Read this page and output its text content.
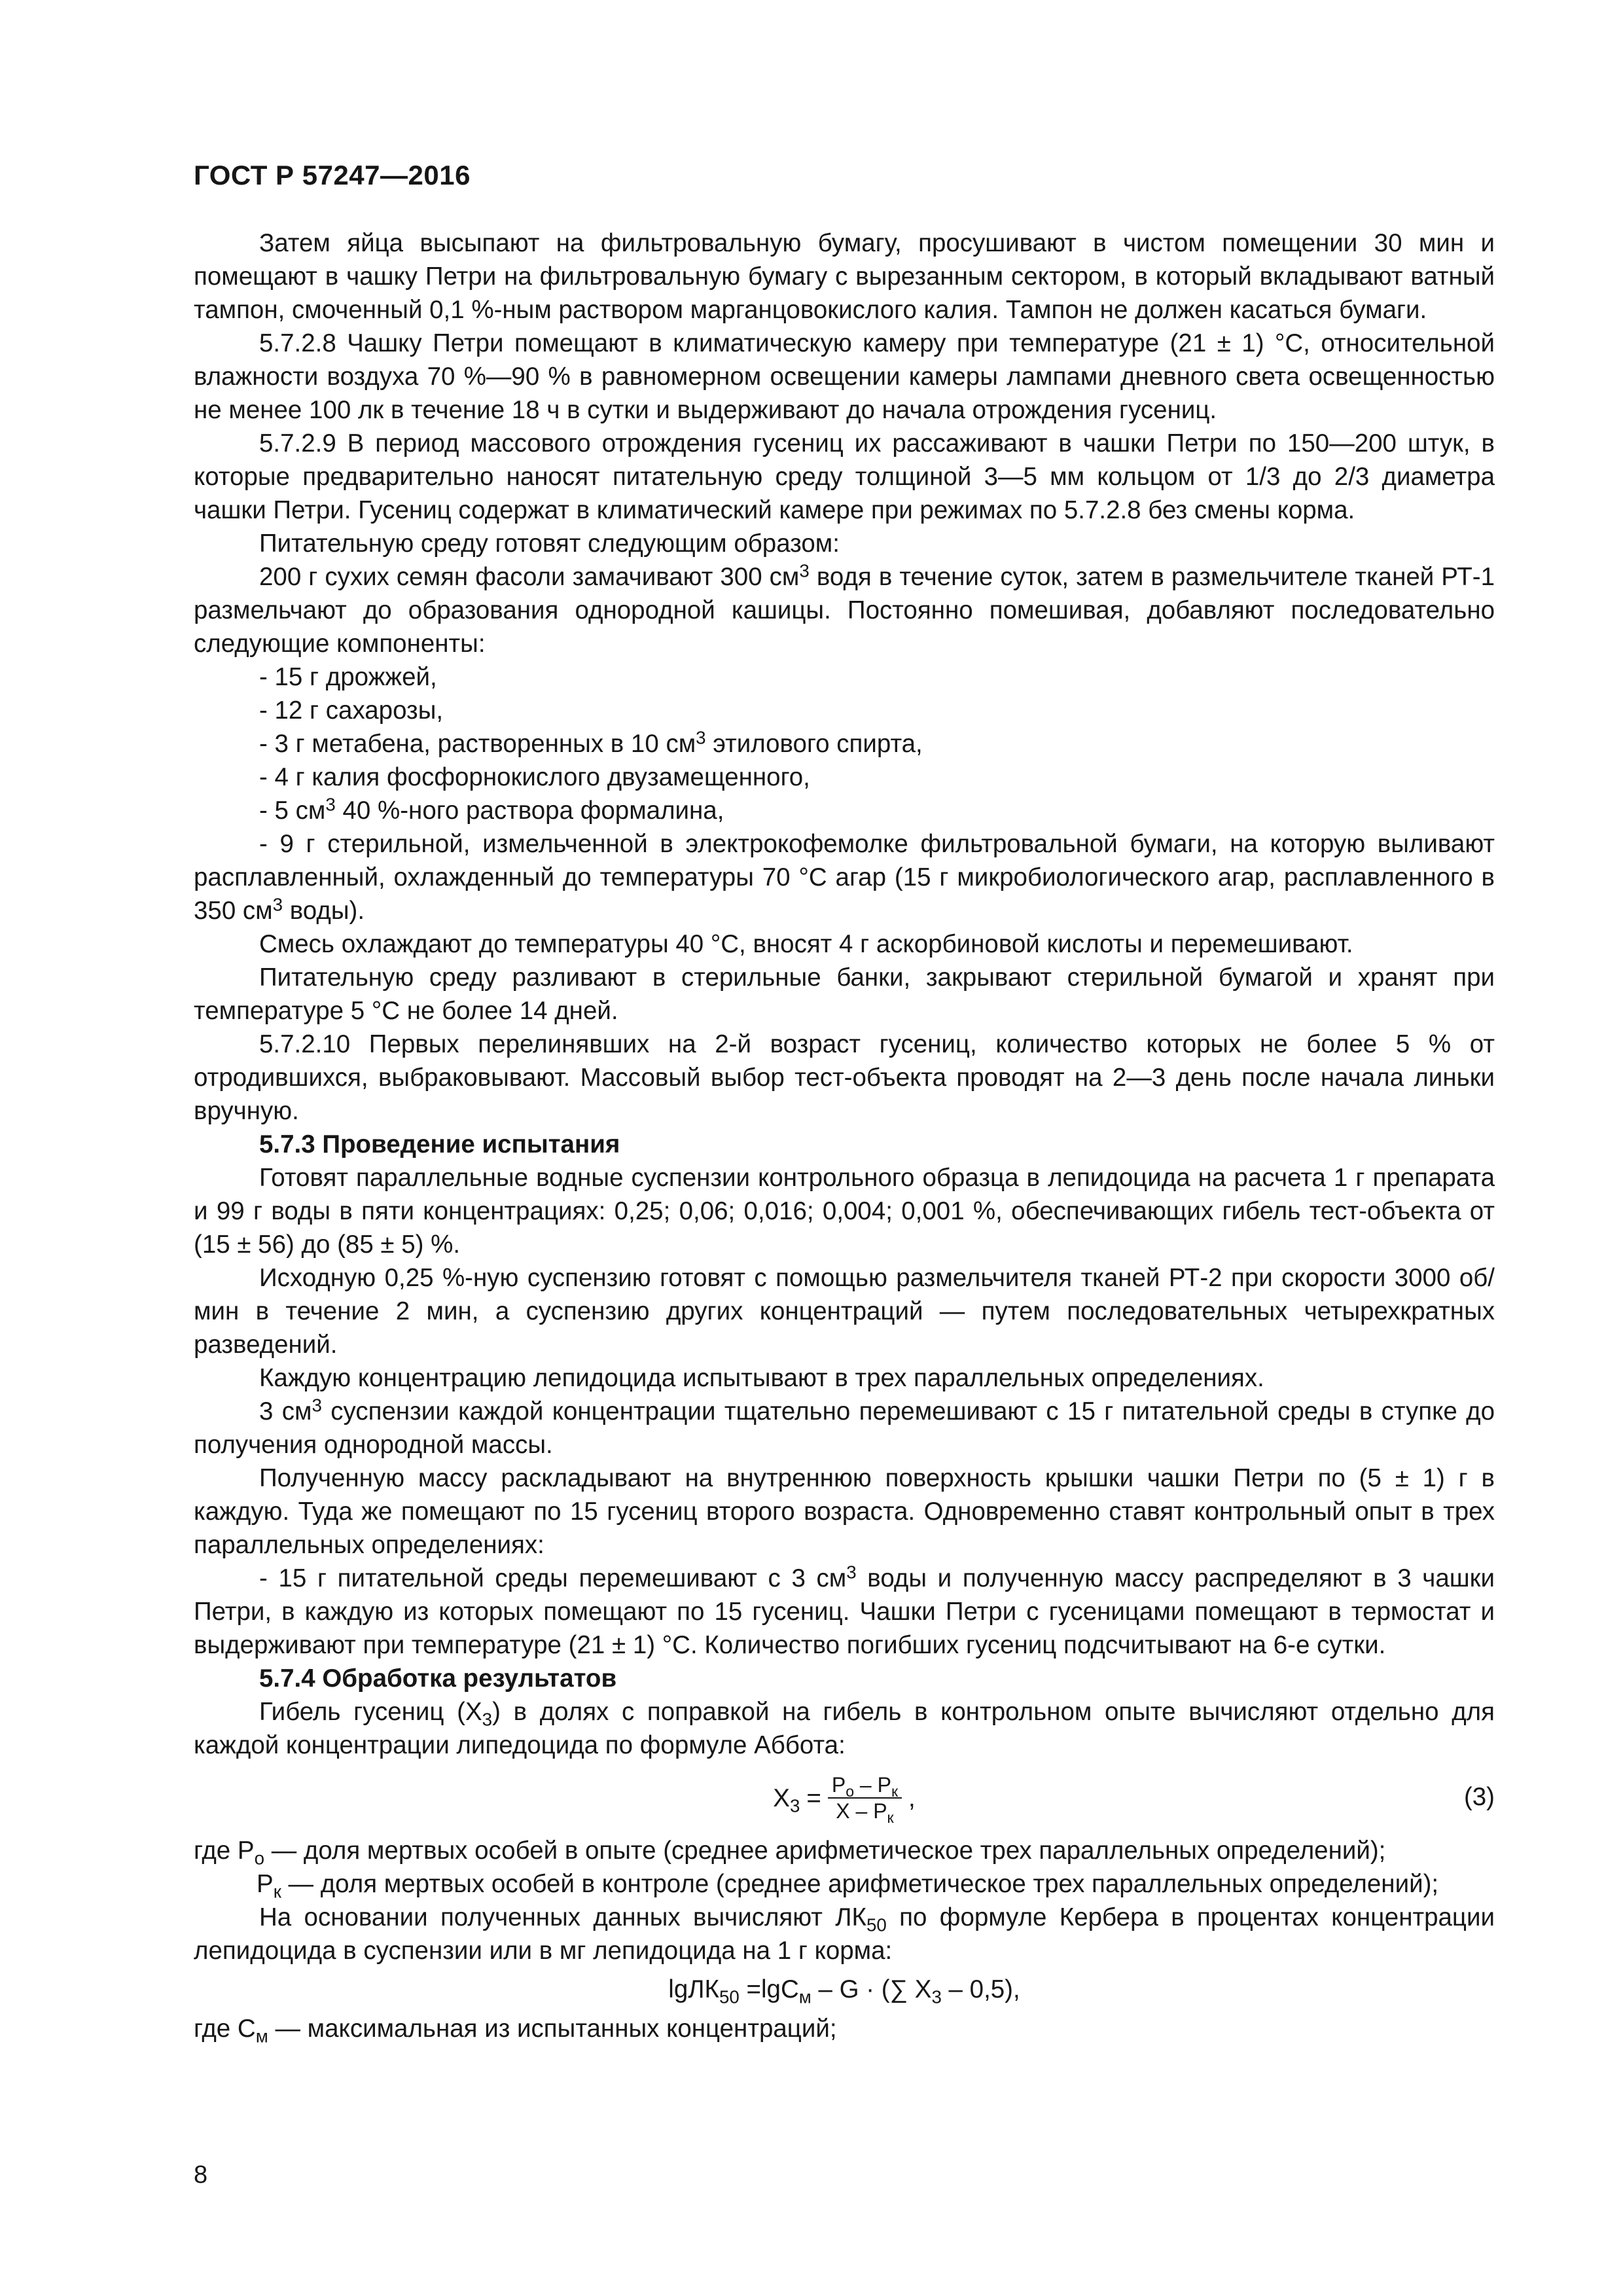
ГОСТ Р 57247—2016

Затем яйца высыпают на фильтровальную бумагу, просушивают в чистом помещении 30 мин и помещают в чашку Петри на фильтровальную бумагу с вырезанным сектором, в который вкладывают ватный тампон, смоченный 0,1 %-ным раствором марганцовокислого калия. Тампон не должен касаться бумаги.

5.7.2.8 Чашку Петри помещают в климатическую камеру при температуре (21 ± 1) °С, относительной влажности воздуха 70 %—90 % в равномерном освещении камеры лампами дневного света освещенностью не менее 100 лк в течение 18 ч в сутки и выдерживают до начала отрождения гусениц.

5.7.2.9 В период массового отрождения гусениц их рассаживают в чашки Петри по 150—200 штук, в которые предварительно наносят питательную среду толщиной 3—5 мм кольцом от 1/3 до 2/3 диаметра чашки Петри. Гусениц содержат в климатический камере при режимах по 5.7.2.8 без смены корма.

Питательную среду готовят следующим образом:

200 г сухих семян фасоли замачивают 300 $см^3$ водя в течение суток, затем в размельчителе тканей РТ-1 размельчают до образования однородной кашицы. Постоянно помешивая, добавляют последовательно следующие компоненты:

- 15 г дрожжей,

- 12 г сахарозы,

- 3 г метабена, растворенных в 10 $см^3$ этилового спирта,

- 4 г калия фосфорнокислого двузамещенного,

- 5 $см^3$ 40 %-ного раствора формалина,

- 9 г стерильной, измельченной в электрокофемолке фильтровальной бумаги, на которую выливают расплавленный, охлажденный до температуры 70 °С агар (15 г микробиологического агар, расплавленного в 350 $см^3$ воды).

Смесь охлаждают до температуры 40 °С, вносят 4 г аскорбиновой кислоты и перемешивают.

Питательную среду разливают в стерильные банки, закрывают стерильной бумагой и хранят при температуре 5 °С не более 14 дней.

5.7.2.10 Первых перелинявших на 2-й возраст гусениц, количество которых не более 5 % от отродившихся, выбраковывают. Массовый выбор тест-объекта проводят на 2—3 день после начала линьки вручную.

5.7.3 Проведение испытания

Готовят параллельные водные суспензии контрольного образца в лепидоцида на расчета 1 г препарата и 99 г воды в пяти концентрациях: 0,25; 0,06; 0,016; 0,004; 0,001 %, обеспечивающих гибель тест-объекта от (15 ± 56) до (85 ± 5) %.

Исходную 0,25 %-ную суспензию готовят с помощью размельчителя тканей РТ-2 при скорости 3000 об/мин в течение 2 мин, а суспензию других концентраций — путем последовательных четырехкратных разведений.

Каждую концентрацию лепидоцида испытывают в трех параллельных определениях.

3 $см^3$ суспензии каждой концентрации тщательно перемешивают с 15 г питательной среды в ступке до получения однородной массы.

Полученную массу раскладывают на внутреннюю поверхность крышки чашки Петри по (5 ± 1) г в каждую. Туда же помещают по 15 гусениц второго возраста. Одновременно ставят контрольный опыт в трех параллельных определениях:

- 15 г питательной среды перемешивают с 3 $см^3$ воды и полученную массу распределяют в 3 чашки Петри, в каждую из которых помещают по 15 гусениц. Чашки Петри с гусеницами помещают в термостат и выдерживают при температуре (21 ± 1) °С. Количество погибших гусениц подсчитывают на 6-е сутки.

5.7.4 Обработка результатов

Гибель гусениц $(Х_3)$ в долях с поправкой на гибель в контрольном опыте вычисляют отдельно для каждой концентрации липедоцида по формуле Аббота:

$Х_3 = \frac{Р_о - Р_к}{Х - Р_к}$ ,	(3)

где $Р_о$ — доля мертвых особей в опыте (среднее арифметическое трех параллельных определений);

$Р_к$ — доля мертвых особей в контроле (среднее арифметическое трех параллельных определений);

На основании полученных данных вычисляют $ЛК_{50}$ по формуле Кербера в процентах концентрации лепидоцида в суспензии или в мг лепидоцида на 1 г корма:

lgЛК$_{50}$ =lgС$_м$ – G · (∑ $Х_3 - 0,5$),

где $С_м$ — максимальная из испытанных концентраций;

8
